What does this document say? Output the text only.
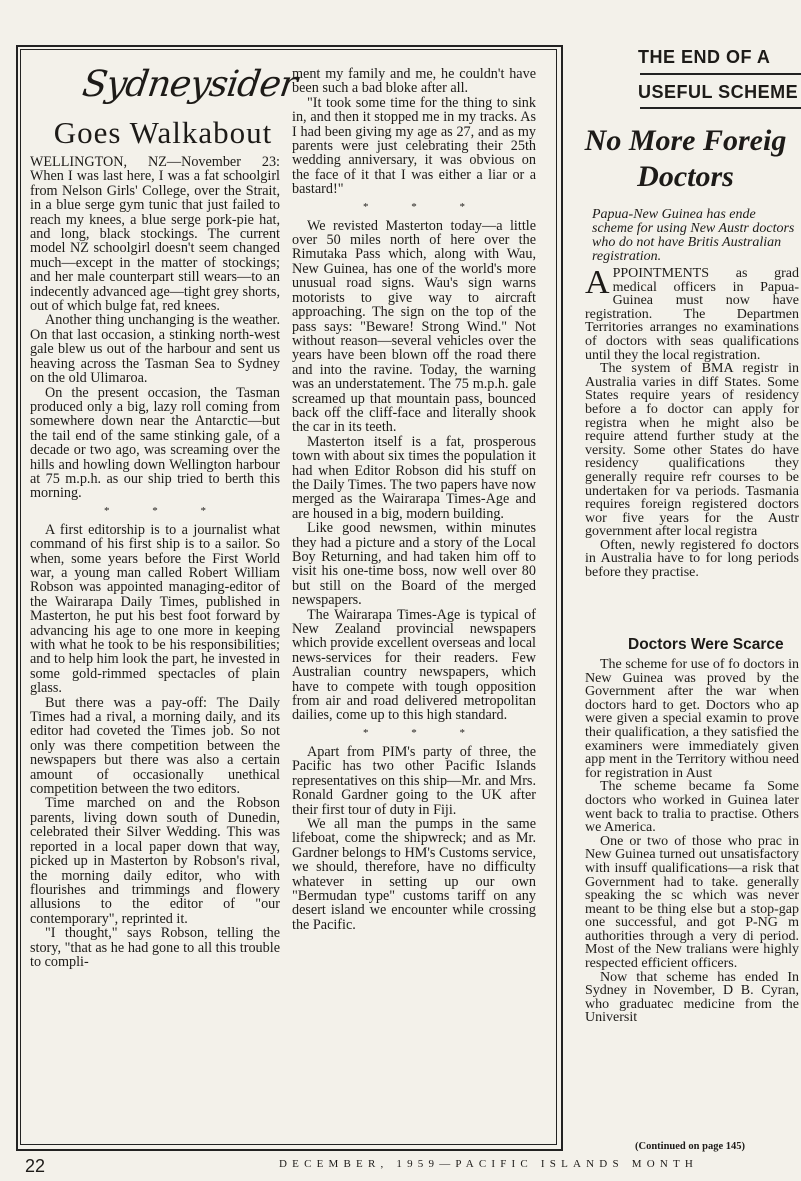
Sydneysider
Goes Walkabout

WELLINGTON, NZ—November 23: When I was last here, I was a fat schoolgirl from Nelson Girls' College, over the Strait, in a blue serge gym tunic that just failed to reach my knees, a blue serge pork-pie hat, and long, black stockings. The current model NZ schoolgirl doesn't seem changed much—except in the matter of stockings; and her male counterpart still wears—to an indecently advanced age—tight grey shorts, out of which bulge fat, red knees.

Another thing unchanging is the weather. On that last occasion, a stinking north-west gale blew us out of the harbour and sent us heaving across the Tasman Sea to Sydney on the old Ulimaroa.

On the present occasion, the Tasman produced only a big, lazy roll coming from somewhere down near the Antarctic—but the tail end of the same stinking gale, of a decade or two ago, was screaming over the hills and howling down Wellington harbour at 75 m.p.h. as our ship tried to berth this morning.

* * *

A first editorship is to a journalist what command of his first ship is to a sailor. So when, some years before the First World war, a young man called Robert William Robson was appointed managing-editor of the Wairarapa Daily Times, published in Masterton, he put his best foot forward by advancing his age to one more in keeping with what he took to be his responsibilities; and to help him look the part, he invested in some gold-rimmed spectacles of plain glass.

But there was a pay-off: The Daily Times had a rival, a morning daily, and its editor had coveted the Times job. So not only was there competition between the newspapers but there was also a certain amount of occasionally unethical competition between the two editors.

Time marched on and the Robson parents, living down south of Dunedin, celebrated their Silver Wedding. This was reported in a local paper down that way, picked up in Masterton by Robson's rival, the morning daily editor, who with flourishes and trimmings and flowery allusions to the editor of "our contemporary", reprinted it.

"I thought," says Robson, telling the story, "that as he had gone to all this trouble to compli-

ment my family and me, he couldn't have been such a bad bloke after all.

"It took some time for the thing to sink in, and then it stopped me in my tracks. As I had been giving my age as 27, and as my parents were just celebrating their 25th wedding anniversary, it was obvious on the face of it that I was either a liar or a bastard!"

* * *

We revisted Masterton today—a little over 50 miles north of here over the Rimutaka Pass which, along with Wau, New Guinea, has one of the world's more unusual road signs. Wau's sign warns motorists to give way to aircraft approaching. The sign on the top of the pass says: "Beware! Strong Wind." Not without reason—several vehicles over the years have been blown off the road there and into the ravine. Today, the warning was an understatement. The 75 m.p.h. gale screamed up that mountain pass, bounced back off the cliff-face and literally shook the car in its teeth.

Masterton itself is a fat, prosperous town with about six times the population it had when Editor Robson did his stuff on the Daily Times. The two papers have now merged as the Wairarapa Times-Age and are housed in a big, modern building.

Like good newsmen, within minutes they had a picture and a story of the Local Boy Returning, and had taken him off to visit his one-time boss, now well over 80 but still on the Board of the merged newspapers.

The Wairarapa Times-Age is typical of New Zealand provincial newspapers which provide excellent overseas and local news-services for their readers. Few Australian country newspapers, which have to compete with tough opposition from air and road delivered metropolitan dailies, come up to this high standard.

* * *

Apart from PIM's party of three, the Pacific has two other Pacific Islands representatives on this ship—Mr. and Mrs. Ronald Gardner going to the UK after their first tour of duty in Fiji.

We all man the pumps in the same lifeboat, come the shipwreck; and as Mr. Gardner belongs to HM's Customs service, we should, therefore, have no difficulty whatever in setting up our own "Bermudan type" customs tariff on any desert island we encounter while crossing the Pacific.

THE END OF A
USEFUL SCHEME
No More Foreig
Doctors
Papua-New Guinea has ende scheme for using New Austr doctors who do not have Britis Australian registration.
A PPOINTMENTS as grad medical officers in Papua-Guinea must now have registration. The Departmen Territories arranges no examinations of doctors with seas qualifications until they the local registration.

The system of BMA registr in Australia varies in diff States. Some States require years of residency before a fo doctor can apply for registra when he might also be require attend further study at the versity. Some other States do have residency qualifications they generally require refr courses to be undertaken for va periods. Tasmania requires foreign registered doctors wor five years for the Austr government after local registra

Often, newly registered fo doctors in Australia have to for long periods before they practise.

Doctors Were Scarce

The scheme for use of fo doctors in New Guinea was proved by the Government after the war when doctors hard to get. Doctors who ap were given a special examin to prove their qualification, a they satisfied the examiners were immediately given app ment in the Territory withou need for registration in Aust

The scheme became fa Some doctors who worked in Guinea later went back to tralia to practise. Others we America.

One or two of those who prac in New Guinea turned out unsatisfactory with insuff qualifications—a risk that Government had to take. generally speaking the sc which was never meant to be thing else but a stop-gap one successful, and got P-NG m authorities through a very di period. Most of the New tralians were highly respected efficient officers.

Now that scheme has ended In Sydney in November, D B. Cyran, who graduatec medicine from the Universit

(Continued on page 145)
22	DECEMBER, 1959—PACIFIC ISLANDS MONTH
